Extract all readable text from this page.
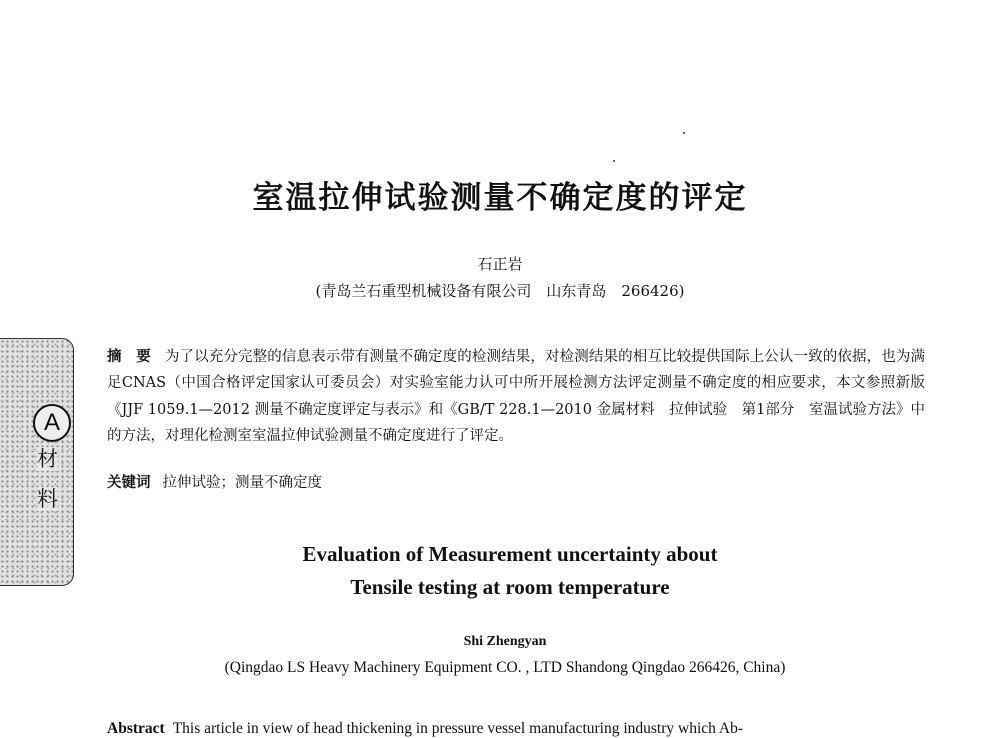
室温拉伸试验测量不确定度的评定
石正岩
(青岛兰石重型机械设备有限公司　山东青岛　266426)
A
材
料

摘　要 为了以充分完整的信息表示带有测量不确定度的检测结果，对检测结果的相互比较提供国际上公认一致的依据，也为满足CNAS（中国合格评定国家认可委员会）对实验室能力认可中所开展检测方法评定测量不确定度的相应要求，本文参照新版《JJF 1059.1—2012 测量不确定度评定与表示》和《GB/T 228.1—2010 金属材料　拉伸试验　第1部分　室温试验方法》中的方法，对理化检测室室温拉伸试验测量不确定度进行了评定。

关键词 拉伸试验；测量不确定度
Evaluation of Measurement uncertainty about
Tensile testing at room temperature
Shi Zhengyan
(Qingdao LS Heavy Machinery Equipment CO. , LTD Shandong Qingdao 266426, China)
Abstract This article in view of head thickening in pressure vessel manufacturing industry which Ab-
